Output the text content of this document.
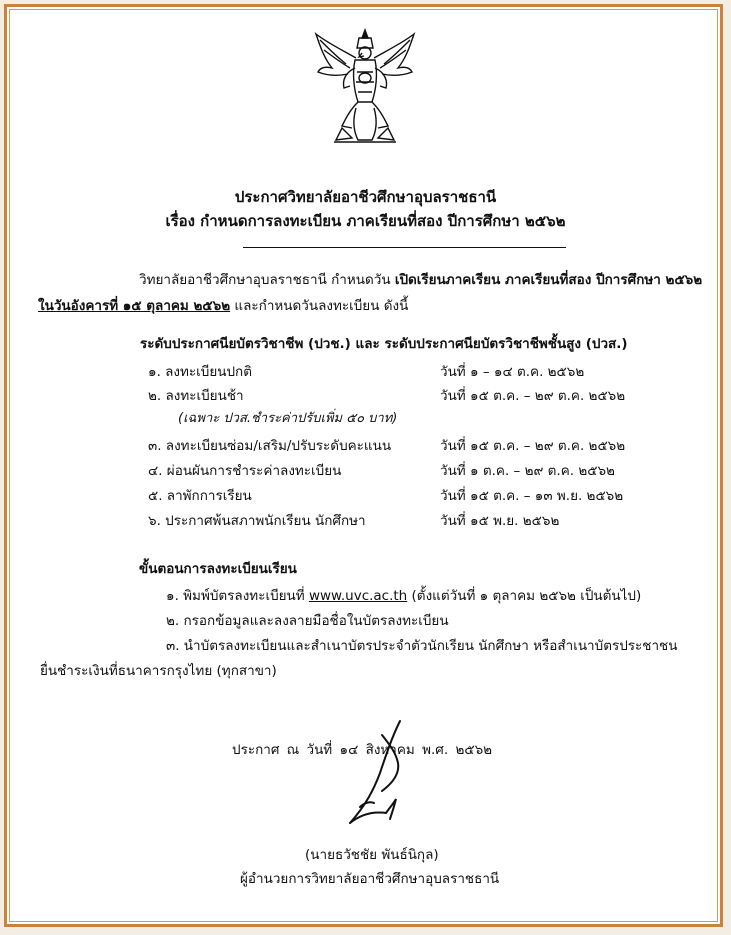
ประกาศวิทยาลัยอาชีวศึกษาอุบลราชธานี
เรื่อง กำหนดการลงทะเบียน ภาคเรียนที่สอง ปีการศึกษา ๒๕๖๒
วิทยาลัยอาชีวศึกษาอุบลราชธานี กำหนดวัน เปิดเรียนภาคเรียน ภาคเรียนที่สอง ปีการศึกษา ๒๕๖๒
ในวันอังคารที่ ๑๕ ตุลาคม ๒๕๖๒ และกำหนดวันลงทะเบียน ดังนี้
ระดับประกาศนียบัตรวิชาชีพ (ปวช.) และ ระดับประกาศนียบัตรวิชาชีพชั้นสูง (ปวส.)
๑. ลงทะเบียนปกติ	วันที่ ๑ – ๑๔ ต.ค. ๒๕๖๒
๒. ลงทะเบียนช้า	วันที่ ๑๕ ต.ค. – ๒๙ ต.ค. ๒๕๖๒
(เฉพาะ ปวส.ชำระค่าปรับเพิ่ม ๕๐ บาท)
๓. ลงทะเบียนซ่อม/เสริม/ปรับระดับคะแนน	วันที่ ๑๕ ต.ค. – ๒๙ ต.ค. ๒๕๖๒
๔. ผ่อนผันการชำระค่าลงทะเบียน	วันที่ ๑ ต.ค. – ๒๙ ต.ค. ๒๕๖๒
๕. ลาพักการเรียน	วันที่ ๑๕ ต.ค. – ๑๓ พ.ย. ๒๕๖๒
๖. ประกาศพ้นสภาพนักเรียน นักศึกษา	วันที่ ๑๕ พ.ย. ๒๕๖๒
ขั้นตอนการลงทะเบียนเรียน
๑. พิมพ์บัตรลงทะเบียนที่ www.uvc.ac.th (ตั้งแต่วันที่ ๑ ตุลาคม ๒๕๖๒ เป็นต้นไป)
๒. กรอกข้อมูลและลงลายมือชื่อในบัตรลงทะเบียน
๓. นำบัตรลงทะเบียนและสำเนาบัตรประจำตัวนักเรียน นักศึกษา หรือสำเนาบัตรประชาชน
ยื่นชำระเงินที่ธนาคารกรุงไทย (ทุกสาขา)
ประกาศ ณ วันที่ ๑๔ สิงหาคม พ.ศ. ๒๕๖๒
(นายธวัชชัย พันธ์นิกุล)
ผู้อำนวยการวิทยาลัยอาชีวศึกษาอุบลราชธานี
